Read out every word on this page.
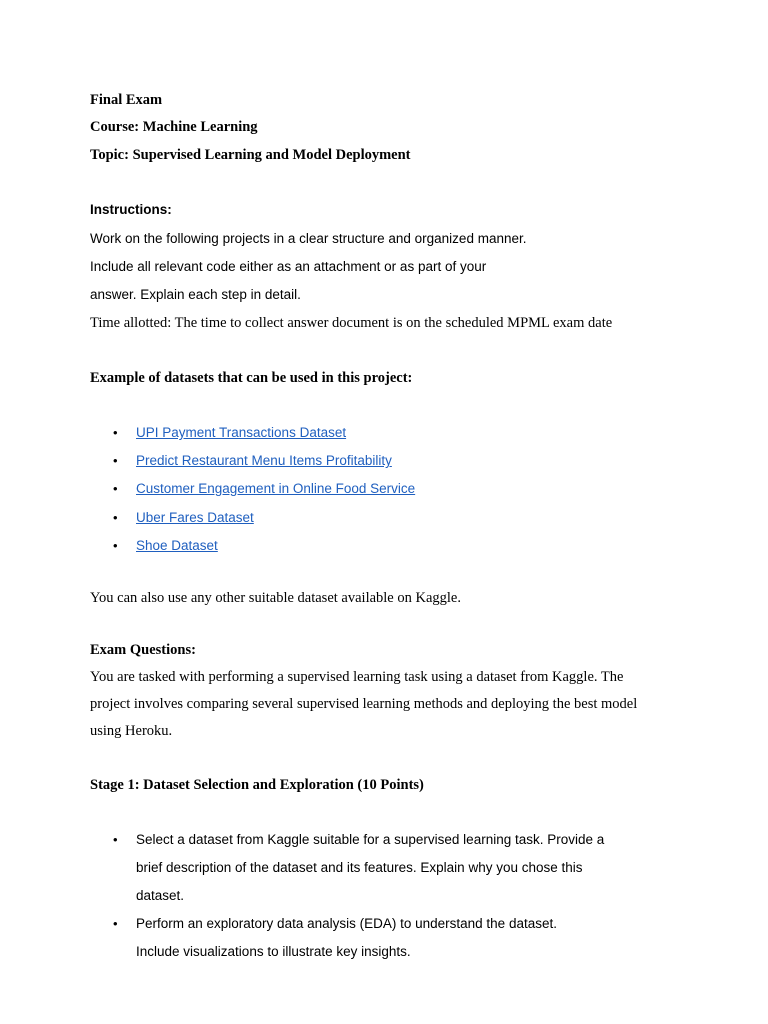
Final Exam
Course: Machine Learning
Topic: Supervised Learning and Model Deployment
Instructions:
Work on the following projects in a clear structure and organized manner.
Include all relevant code either as an attachment or as part of your
answer. Explain each step in detail.
Time allotted: The time to collect answer document is on the scheduled MPML exam date
Example of datasets that can be used in this project:
• UPI Payment Transactions Dataset
• Predict Restaurant Menu Items Profitability
• Customer Engagement in Online Food Service
• Uber Fares Dataset
• Shoe Dataset
You can also use any other suitable dataset available on Kaggle.
Exam Questions:
You are tasked with performing a supervised learning task using a dataset from Kaggle. The
project involves comparing several supervised learning methods and deploying the best model
using Heroku.
Stage 1: Dataset Selection and Exploration (10 Points)
• Select a dataset from Kaggle suitable for a supervised learning task. Provide a
brief description of the dataset and its features. Explain why you chose this
dataset.
• Perform an exploratory data analysis (EDA) to understand the dataset.
Include visualizations to illustrate key insights.
